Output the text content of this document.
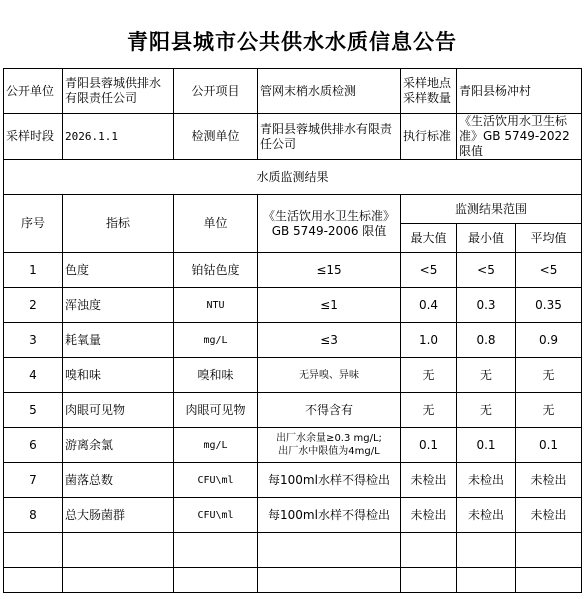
青阳县城市公共供水水质信息公告
公开单位	青阳县蓉城供排水有限责任公司	公开项目	管网末梢水质检测	采样地点采样数量	青阳县杨冲村	
采样时段	2026.1.1	检测单位	青阳县蓉城供排水有限责任公司	执行标准	《生活饮用水卫生标准》GB 5749-2022 限值	
水质监测结果						
序号	指标	单位	《生活饮用水卫生标准》GB 5749-2006 限值	监测结果范围		
				最大值	最小值	平均值
1	色度	铂钴色度	≤15	<5	<5	<5
2	浑浊度	NTU	≤1	0.4	0.3	0.35
3	耗氧量	mg/L	≤3	1.0	0.8	0.9
4	嗅和味	嗅和味	无异嗅、异味	无	无	无
5	肉眼可见物	肉眼可见物	不得含有	无	无	无
6	游离余氯	mg/L	出厂水余量≥0.3 mg/L;
出厂水中限值为4mg/L	0.1	0.1	0.1
7	菌落总数	CFU\ml	每100ml水样不得检出	未检出	未检出	未检出
8	总大肠菌群	CFU\ml	每100ml水样不得检出	未检出	未检出	未检出
